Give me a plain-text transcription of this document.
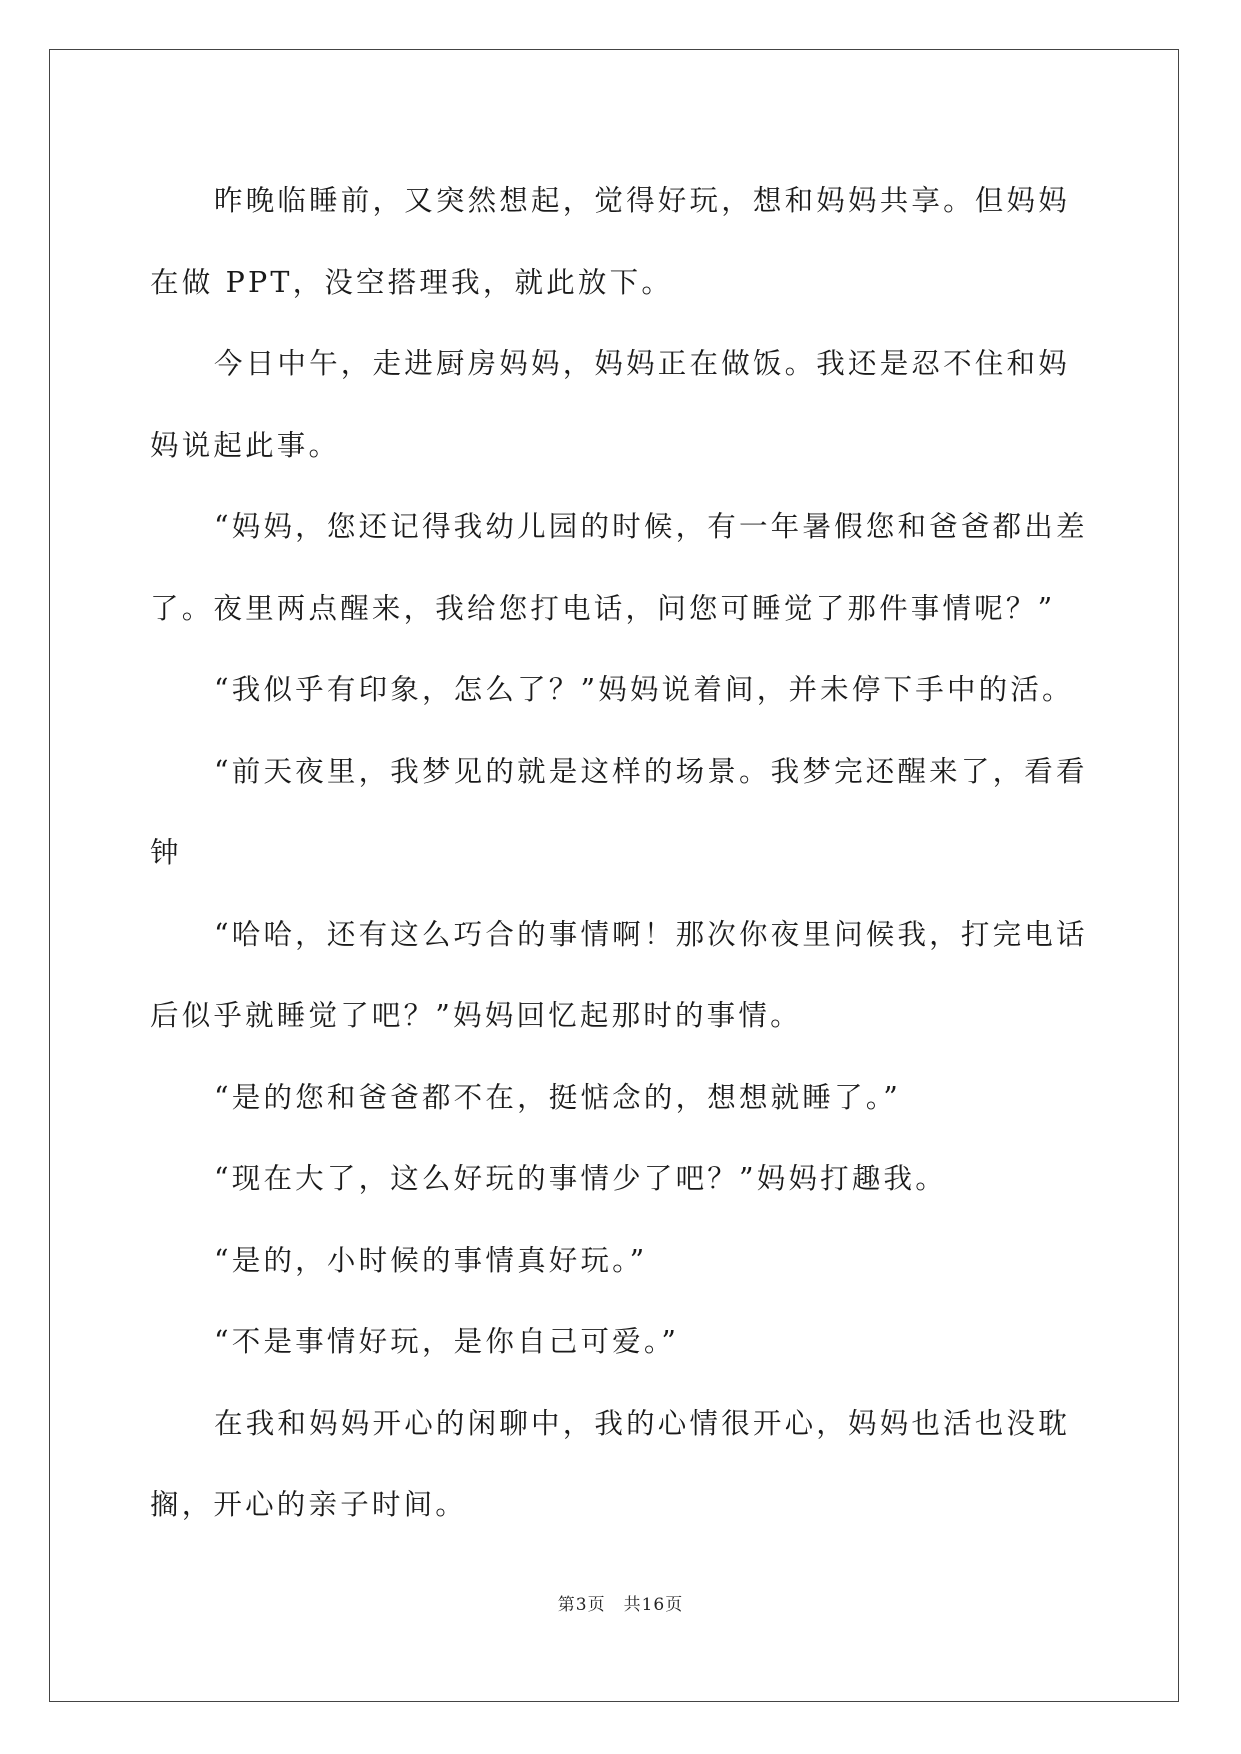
昨晚临睡前，又突然想起，觉得好玩，想和妈妈共享。但妈妈在做 PPT，没空搭理我，就此放下。

今日中午，走进厨房妈妈，妈妈正在做饭。我还是忍不住和妈妈说起此事。

“妈妈，您还记得我幼儿园的时候，有一年暑假您和爸爸都出差了。夜里两点醒来，我给您打电话，问您可睡觉了那件事情呢？”

“我似乎有印象，怎么了？”妈妈说着间，并未停下手中的活。

“前天夜里，我梦见的就是这样的场景。我梦完还醒来了，看看钟

“哈哈，还有这么巧合的事情啊！那次你夜里问候我，打完电话后似乎就睡觉了吧？”妈妈回忆起那时的事情。

“是的您和爸爸都不在，挺惦念的，想想就睡了。”

“现在大了，这么好玩的事情少了吧？”妈妈打趣我。

“是的，小时候的事情真好玩。”

“不是事情好玩，是你自己可爱。”

在我和妈妈开心的闲聊中，我的心情很开心，妈妈也活也没耽搁，开心的亲子时间。

第3页 共16页
